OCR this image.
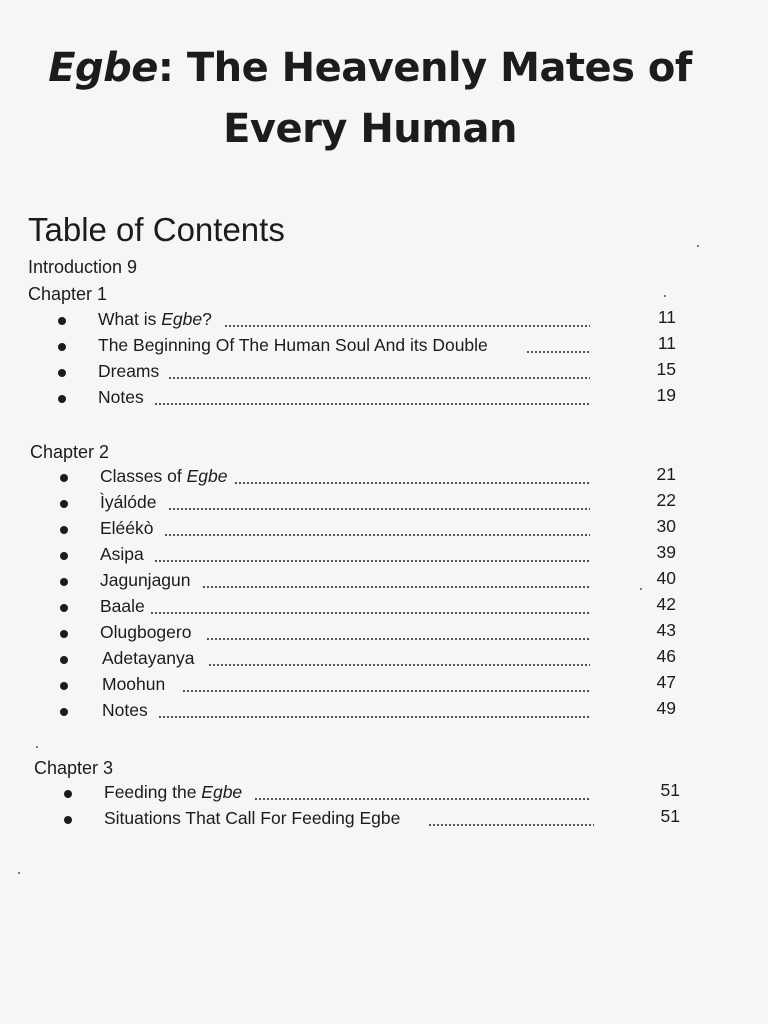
Egbe: The Heavenly Mates of
Every Human
Table of Contents
Introduction 9
Chapter 1
What is Egbe?	11
The Beginning Of The Human Soul And its Double	11
Dreams	15
Notes	19
Chapter 2
Classes of Egbe	21
Ìyálóde	22
Eléékò	30
Asipa	39
Jagunjagun	40
Baale	42
Olugbogero	43
Adetayanya	46
Moohun	47
Notes	49
Chapter 3
Feeding the Egbe	51
Situations That Call For Feeding Egbe	51
